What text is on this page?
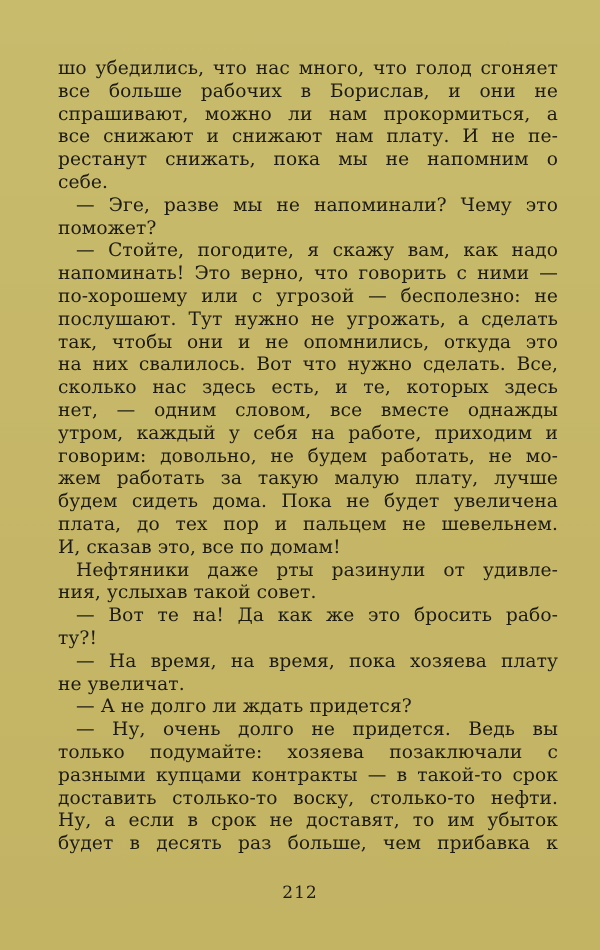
шо убедились, что нас много, что голод сгоняет
все больше рабочих в Борислав, и они не
спрашивают, можно ли нам прокормиться, а
все снижают и снижают нам плату. И не пе-
рестанут снижать, пока мы не напомним о
себе.
— Эге, разве мы не напоминали? Чему это
поможет?
— Стойте, погодите, я скажу вам, как надо
напоминать! Это верно, что говорить с ними —
по-хорошему или с угрозой — бесполезно: не
послушают. Тут нужно не угрожать, а сделать
так, чтобы они и не опомнились, откуда это
на них свалилось. Вот что нужно сделать. Все,
сколько нас здесь есть, и те, которых здесь
нет, — одним словом, все вместе однажды
утром, каждый у себя на работе, приходим и
говорим: довольно, не будем работать, не мо-
жем работать за такую малую плату, лучше
будем сидеть дома. Пока не будет увеличена
плата, до тех пор и пальцем не шевельнем.
И, сказав это, все по домам!
Нефтяники даже рты разинули от удивле-
ния, услыхав такой совет.
— Вот те на! Да как же это бросить рабо-
ту?!
— На время, на время, пока хозяева плату
не увеличат.
— А не долго ли ждать придется?
— Ну, очень долго не придется. Ведь вы
только подумайте: хозяева позаключали с
разными купцами контракты — в такой-то срок
доставить столько-то воску, столько-то нефти.
Ну, а если в срок не доставят, то им убыток
будет в десять раз больше, чем прибавка к
212
